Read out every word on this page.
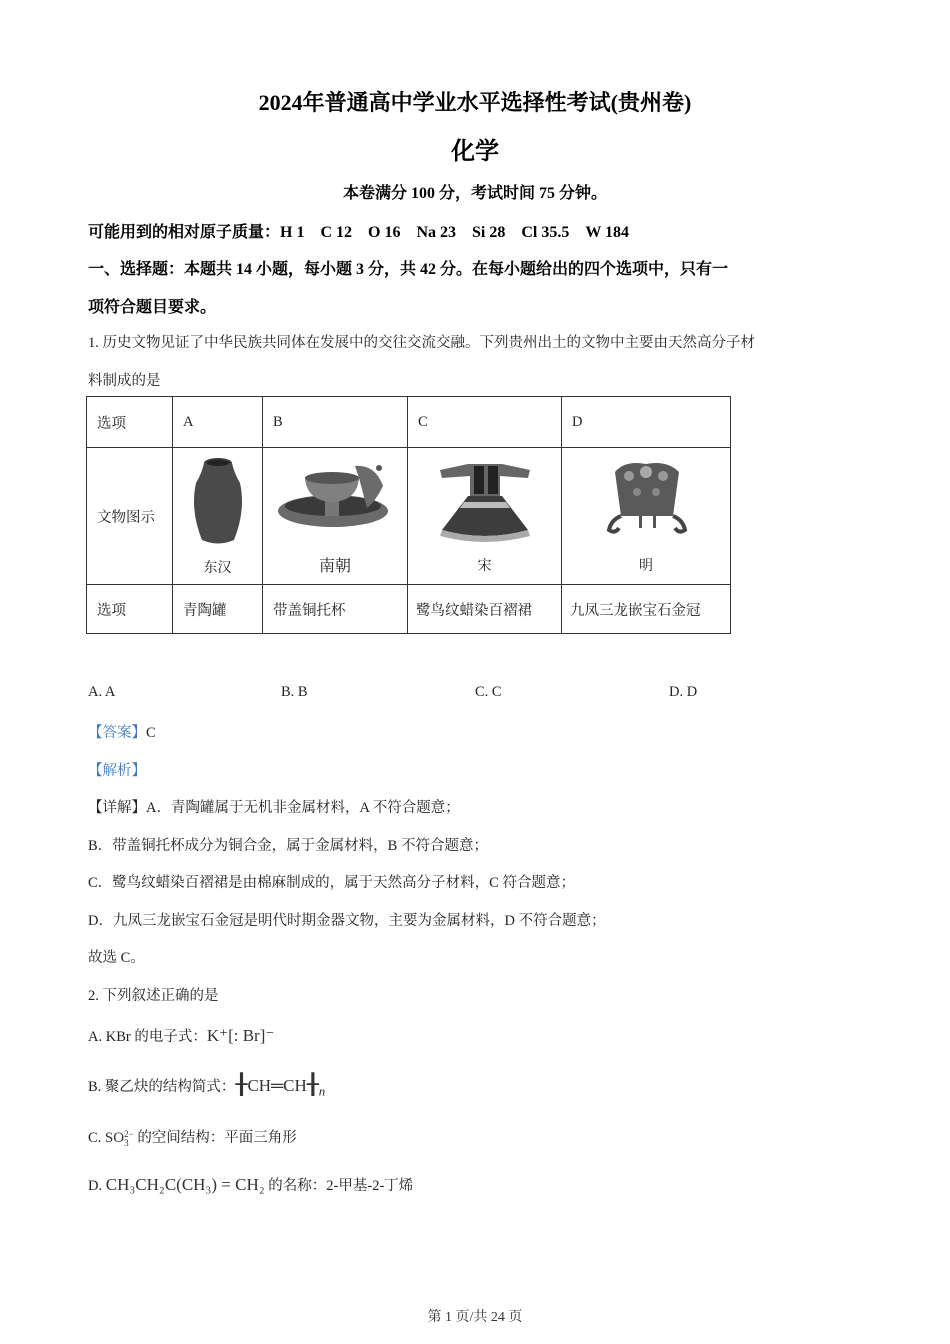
2024年普通高中学业水平选择性考试(贵州卷)
化学
本卷满分 100 分，考试时间 75 分钟。
可能用到的相对原子质量：H 1　C 12　O 16　Na 23　Si 28　Cl 35.5　W 184
一、选择题：本题共 14 小题，每小题 3 分，共 42 分。在每小题给出的四个选项中，只有一
项符合题目要求。
1. 历史文物见证了中华民族共同体在发展中的交往交流交融。下列贵州出土的文物中主要由天然高分子材
料制成的是
选项	A	B	C	D
文物图示	东汉	南朝	宋	明

选项	青陶罐	带盖铜托杯	鹭鸟纹蜡染百褶裙	九凤三龙嵌宝石金冠
A. A	B. B	C. C	D. D
【答案】C
【解析】
【详解】A．青陶罐属于无机非金属材料，A 不符合题意；
B．带盖铜托杯成分为铜合金，属于金属材料，B 不符合题意；
C．鹭鸟纹蜡染百褶裙是由棉麻制成的，属于天然高分子材料，C 符合题意；
D．九凤三龙嵌宝石金冠是明代时期金器文物，主要为金属材料，D 不符合题意；
故选 C。
2. 下列叙述正确的是
A. KBr 的电子式：K⁺[: Br]⁻
B. 聚乙炔的结构简式：$╂CH═CH╂_n$
C. SO 2−
3 的空间结构：平面三角形
D. CH₃CH₂C(CH₃) = CH₂ 的名称：2-甲基-2-丁烯
第 1 页/共 24 页
